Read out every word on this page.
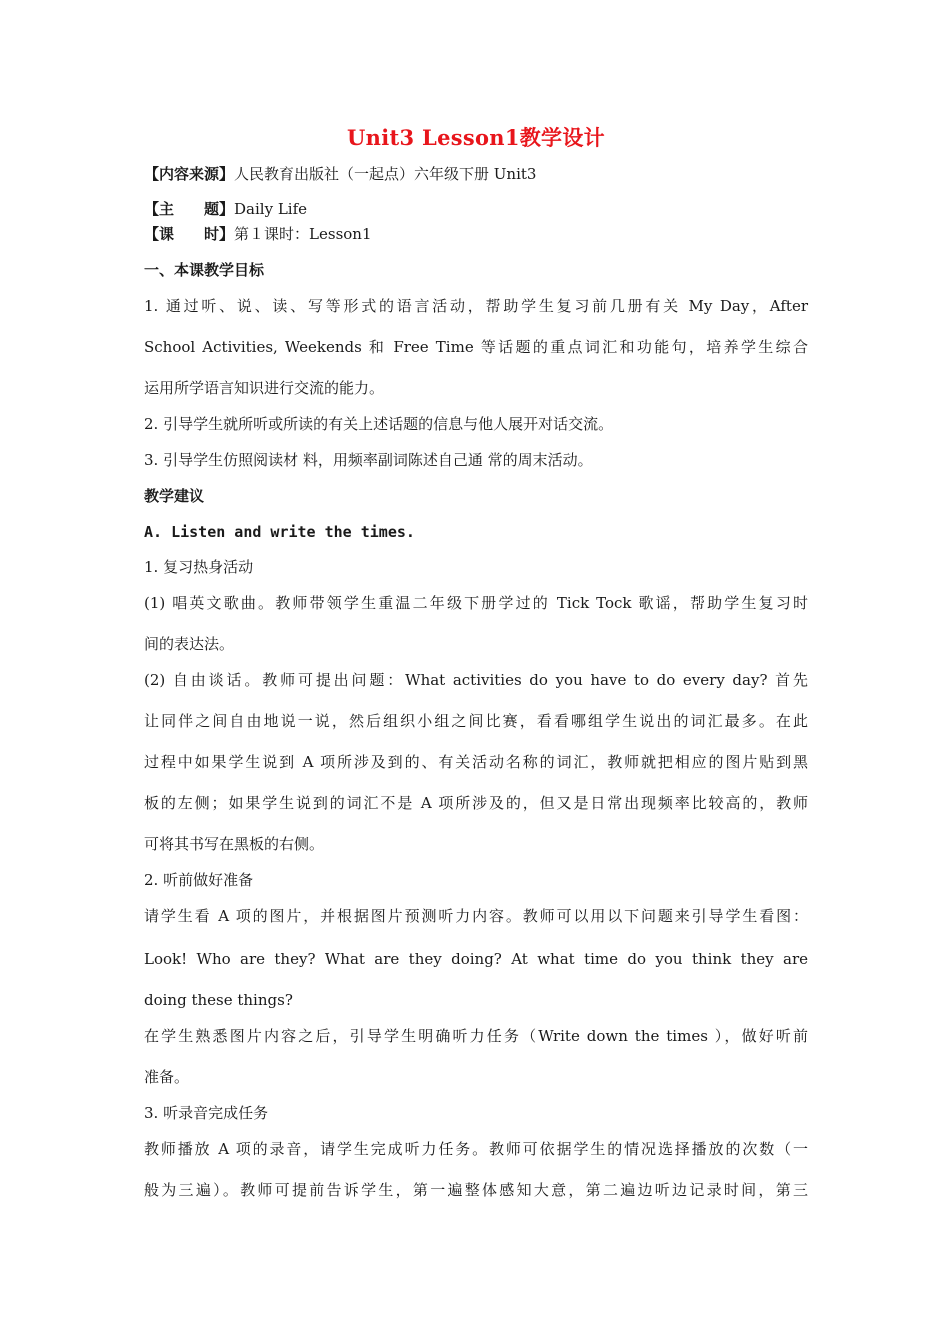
Unit3 Lesson1教学设计
【内容来源】人民教育出版社（一起点）六年级下册 Unit3
【主 题】Daily Life
【课 时】第１课时：Lesson1
一、本课教学目标
1. 通过听、说、读、写等形式的语言活动，帮助学生复习前几册有关 My Day，After
School Activities, Weekends 和 Free Time 等话题的重点词汇和功能句，培养学生综合
运用所学语言知识进行交流的能力。
2. 引导学生就所听或所读的有关上述话题的信息与他人展开对话交流。
3. 引导学生仿照阅读材 料，用频率副词陈述自己通 常的周末活动。
教学建议
A. Listen and write the times.
1. 复习热身活动
(1) 唱英文歌曲。教师带领学生重温二年级下册学过的 Tick Tock 歌谣，帮助学生复习时
间的表达法。
(2) 自由谈话。教师可提出问题：What activities do you have to do every day? 首先
让同伴之间自由地说一说，然后组织小组之间比赛，看看哪组学生说出的词汇最多。在此
过程中如果学生说到 A 项所涉及到的、有关活动名称的词汇，教师就把相应的图片贴到黑
板的左侧；如果学生说到的词汇不是 A 项所涉及的，但又是日常出现频率比较高的，教师
可将其书写在黑板的右侧。
2. 听前做好准备
请学生看 A 项的图片，并根据图片预测听力内容。教师可以用以下问题来引导学生看图：
Look! Who are they? What are they doing? At what time do you think they are
doing these things?
在学生熟悉图片内容之后，引导学生明确听力任务（Write down the times ），做好听前
准备。
3. 听录音完成任务
教师播放 A 项的录音，请学生完成听力任务。教师可依据学生的情况选择播放的次数（一
般为三遍）。教师可提前告诉学生，第一遍整体感知大意，第二遍边听边记录时间，第三
